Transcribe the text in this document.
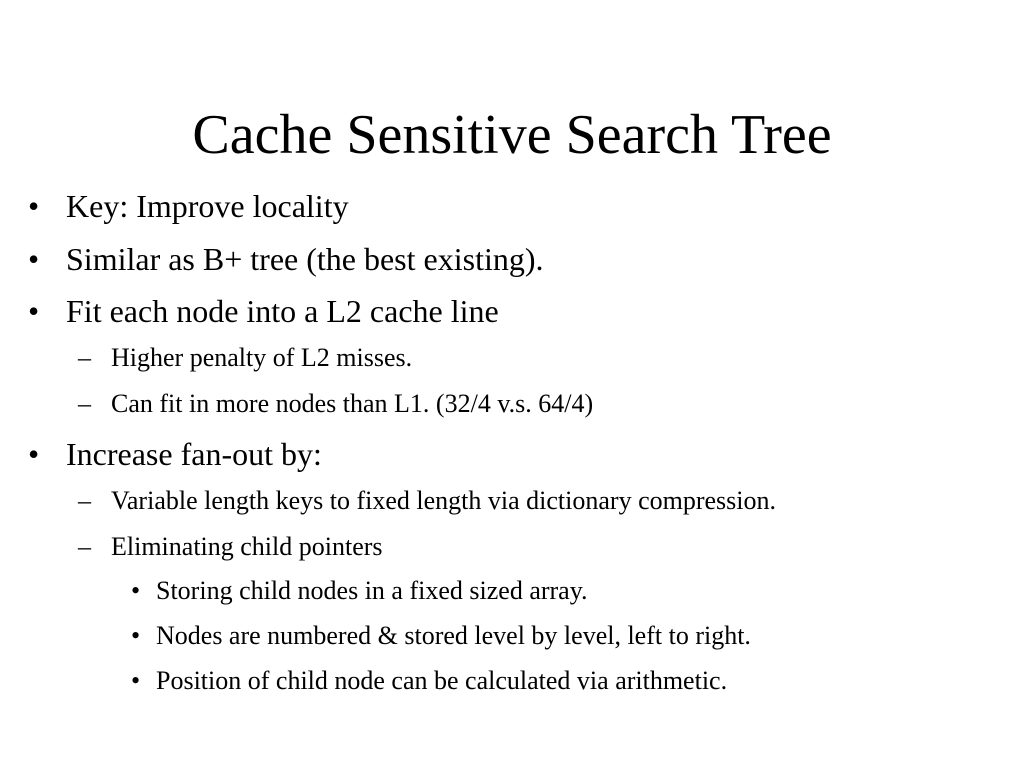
Cache Sensitive Search Tree
• Key: Improve locality
• Similar as B+ tree (the best existing).
• Fit each node into a L2 cache line
– Higher penalty of L2 misses.
– Can fit in more nodes than L1. (32/4 v.s. 64/4)
• Increase fan-out by:
– Variable length keys to fixed length via dictionary compression.
– Eliminating child pointers
• Storing child nodes in a fixed sized array.
• Nodes are numbered & stored level by level, left to right.
• Position of child node can be calculated via arithmetic.
